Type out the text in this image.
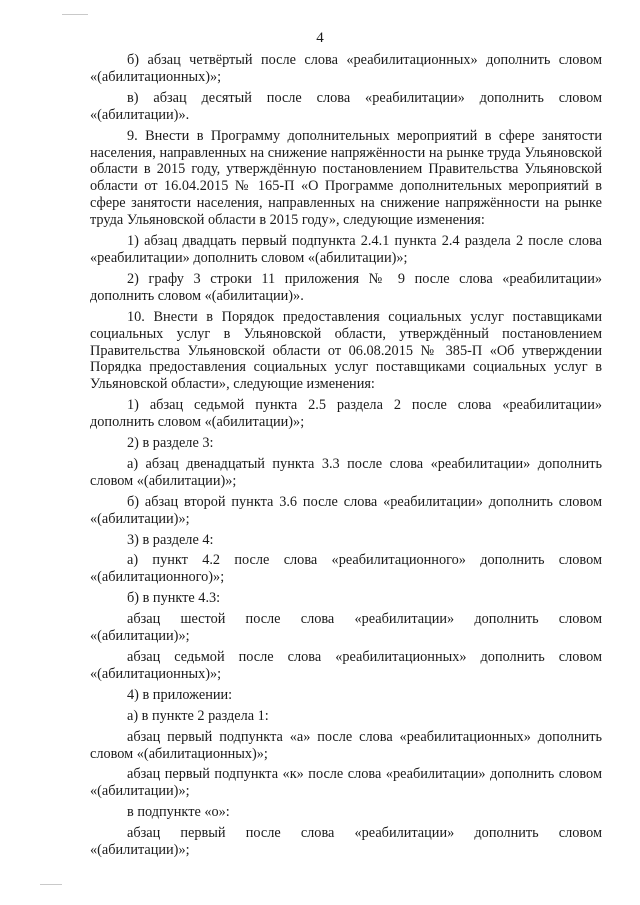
4

б) абзац четвёртый после слова «реабилитационных» дополнить словом «(абилитационных)»;

в) абзац десятый после слова «реабилитации» дополнить словом «(абилитации)».

9. Внести в Программу дополнительных мероприятий в сфере занятости населения, направленных на снижение напряжённости на рынке труда Ульяновской области в 2015 году, утверждённую постановлением Правительства Ульяновской области от 16.04.2015 № 165-П «О Программе дополнительных мероприятий в сфере занятости населения, направленных на снижение напряжённости на рынке труда Ульяновской области в 2015 году», следующие изменения:

1) абзац двадцать первый подпункта 2.4.1 пункта 2.4 раздела 2 после слова «реабилитации» дополнить словом «(абилитации)»;

2) графу 3 строки 11 приложения № 9 после слова «реабилитации» дополнить словом «(абилитации)».

10. Внести в Порядок предоставления социальных услуг поставщиками социальных услуг в Ульяновской области, утверждённый постановлением Правительства Ульяновской области от 06.08.2015 № 385-П «Об утверждении Порядка предоставления социальных услуг поставщиками социальных услуг в Ульяновской области», следующие изменения:

1) абзац седьмой пункта 2.5 раздела 2 после слова «реабилитации» дополнить словом «(абилитации)»;

2) в разделе 3:

а) абзац двенадцатый пункта 3.3 после слова «реабилитации» дополнить словом «(абилитации)»;

б) абзац второй пункта 3.6 после слова «реабилитации» дополнить словом «(абилитации)»;

3) в разделе 4:

а) пункт 4.2 после слова «реабилитационного» дополнить словом «(абилитационного)»;

б) в пункте 4.3:

абзац шестой после слова «реабилитации» дополнить словом «(абилитации)»;

абзац седьмой после слова «реабилитационных» дополнить словом «(абилитационных)»;

4) в приложении:

а) в пункте 2 раздела 1:

абзац первый подпункта «а» после слова «реабилитационных» дополнить словом «(абилитационных)»;

абзац первый подпункта «к» после слова «реабилитации» дополнить словом «(абилитации)»;

в подпункте «о»:

абзац первый после слова «реабилитации» дополнить словом «(абилитации)»;
